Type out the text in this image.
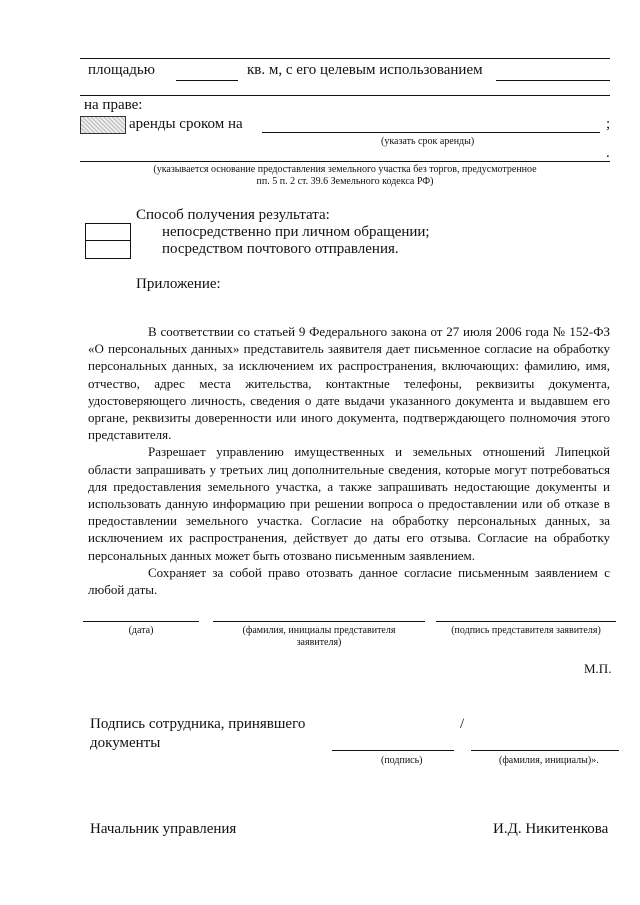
площадью	кв. м, с его целевым использованием
на праве:
аренды сроком на	;
(указать срок аренды)
.
(указывается основание предоставления земельного участка без торгов, предусмотренное
пп. 5 п. 2 ст. 39.6 Земельного кодекса РФ)
Способ получения результата:
непосредственно при личном обращении;
посредством почтового отправления.
Приложение:

В соответствии со статьей 9 Федерального закона от 27 июля 2006 года № 152-ФЗ «О персональных данных» представитель заявителя дает письменное согласие на обработку персональных данных, за исключением их распространения, включающих: фамилию, имя, отчество, адрес места жительства, контактные телефоны, реквизиты документа, удостоверяющего личность, сведения о дате выдачи указанного документа и выдавшем его органе, реквизиты доверенности или иного документа, подтверждающего полномочия этого представителя.

Разрешает управлению имущественных и земельных отношений Липецкой области запрашивать у третьих лиц дополнительные сведения, которые могут потребоваться для предоставления земельного участка, а также запрашивать недостающие документы и использовать данную информацию при решении вопроса о предоставлении или об отказе в предоставлении земельного участка. Согласие на обработку персональных данных, за исключением их распространения, действует до даты его отзыва. Согласие на обработку персональных данных может быть отозвано письменным заявлением.

Сохраняет за собой право отозвать данное согласие письменным заявлением с любой даты.

(дата)	(фамилия, инициалы представителя
заявителя)
(подпись представителя заявителя)
М.П.
Подпись сотрудника, принявшего
документы
/
(подпись)	(фамилия, инициалы)».
Начальник управления	И.Д. Никитенкова
